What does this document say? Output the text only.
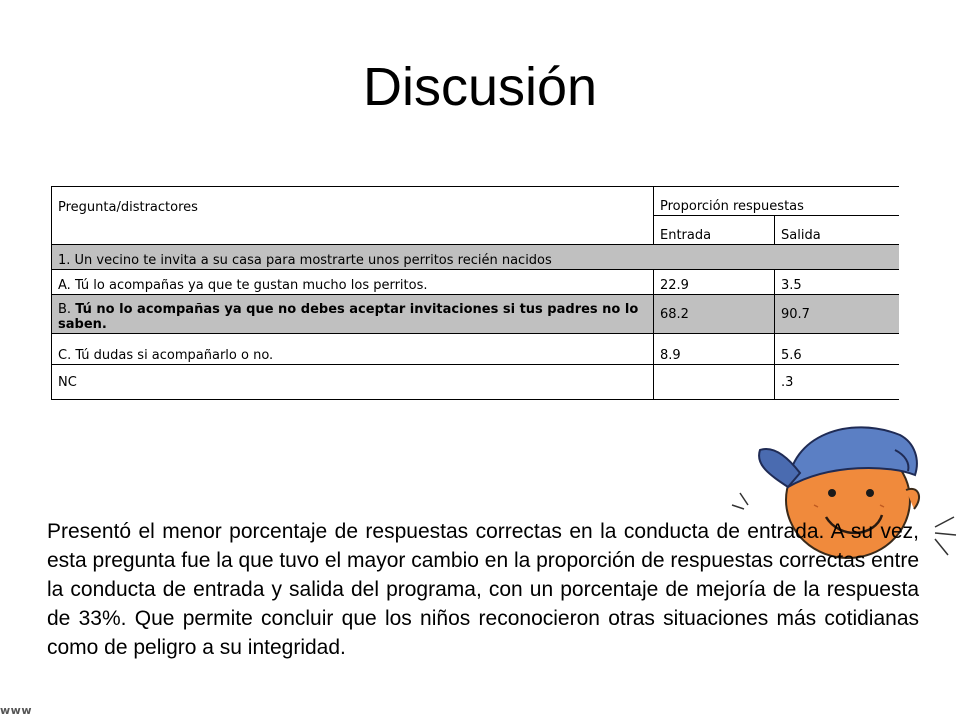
Discusión
Pregunta/distractores	Proporción respuestas	
	Entrada	Salida
1. Un vecino te invita a su casa para mostrarte unos perritos recién nacidos		
A. Tú lo acompañas ya que te gustan mucho los perritos.	22.9	3.5
B. Tú no lo acompañas ya que no debes aceptar invitaciones si tus padres no lo saben.	68.2	90.7
C. Tú dudas si acompañarlo o no.	8.9	5.6
NC		.3

Presentó el menor porcentaje de respuestas correctas en la conducta de entrada. A su vez, esta pregunta fue la que tuvo el mayor cambio en la proporción de respuestas correctas entre la conducta de entrada y salida del programa, con un porcentaje de mejoría de la respuesta de 33%. Que permite concluir que los niños reconocieron otras situaciones más cotidianas como de peligro a su integridad.

www
